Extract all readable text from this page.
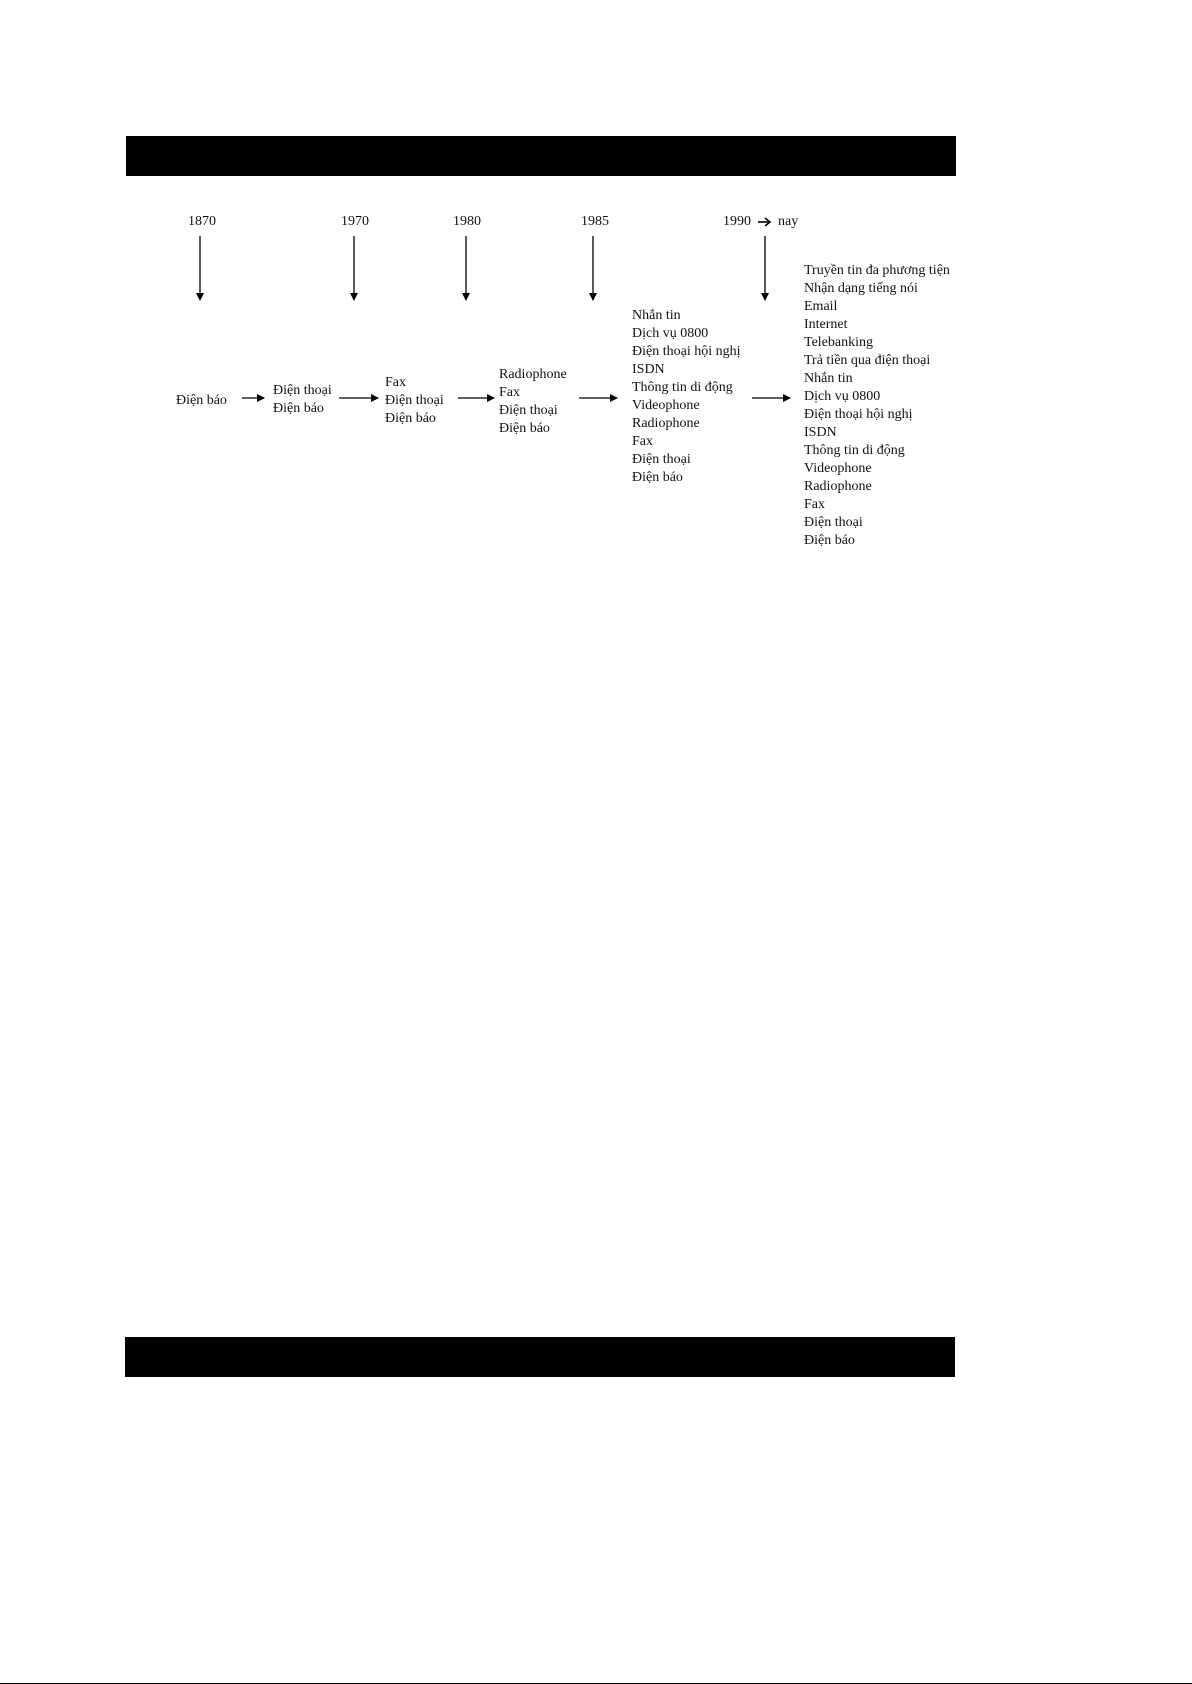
1870	1970	1980	1985	1990 nay
Điện báo
Điện thoại
Điện báo
Fax
Điện thoại
Điện báo
Radiophone
Fax
Điện thoại
Điện báo
Nhắn tin
Dịch vụ 0800
Điện thoại hội nghị
ISDN
Thông tin di động
Videophone
Radiophone
Fax
Điện thoại
Điện báo
Truyền tin đa phương tiện
Nhận dạng tiếng nói
Email
Internet
Telebanking
Trả tiền qua điện thoại
Nhắn tin
Dịch vụ 0800
Điện thoại hội nghị
ISDN
Thông tin di động
Videophone
Radiophone
Fax
Điện thoại
Điện báo
